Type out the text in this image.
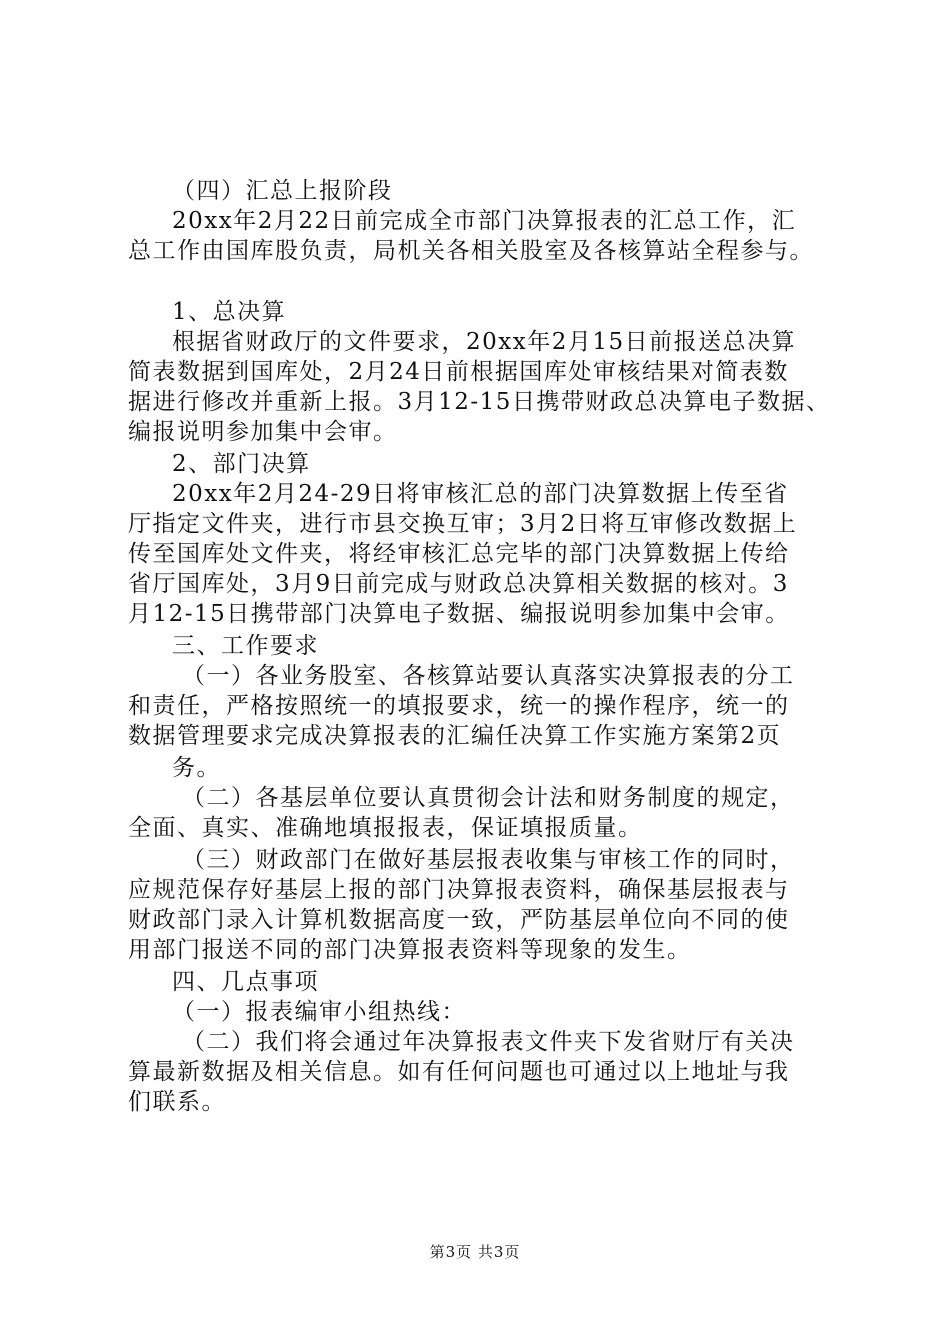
（四）汇总上报阶段
20xx年2月22日前完成全市部门决算报表的汇总工作，汇
总工作由国库股负责，局机关各相关股室及各核算站全程参与。
1、总决算
根据省财政厅的文件要求，20xx年2月15日前报送总决算
简表数据到国库处，2月24日前根据国库处审核结果对简表数
据进行修改并重新上报。3月12-15日携带财政总决算电子数据、
编报说明参加集中会审。
2、部门决算
20xx年2月24-29日将审核汇总的部门决算数据上传至省
厅指定文件夹，进行市县交换互审；3月2日将互审修改数据上
传至国库处文件夹，将经审核汇总完毕的部门决算数据上传给
省厅国库处，3月9日前完成与财政总决算相关数据的核对。3
月12-15日携带部门决算电子数据、编报说明参加集中会审。
三、工作要求
（一）各业务股室、各核算站要认真落实决算报表的分工
和责任，严格按照统一的填报要求，统一的操作程序，统一的
数据管理要求完成决算报表的汇编任决算工作实施方案第2页
务。
（二）各基层单位要认真贯彻会计法和财务制度的规定，
全面、真实、准确地填报报表，保证填报质量。
（三）财政部门在做好基层报表收集与审核工作的同时，
应规范保存好基层上报的部门决算报表资料，确保基层报表与
财政部门录入计算机数据高度一致，严防基层单位向不同的使
用部门报送不同的部门决算报表资料等现象的发生。
四、几点事项
（一）报表编审小组热线：
（二）我们将会通过年决算报表文件夹下发省财厅有关决
算最新数据及相关信息。如有任何问题也可通过以上地址与我
们联系。
第3页 共3页
